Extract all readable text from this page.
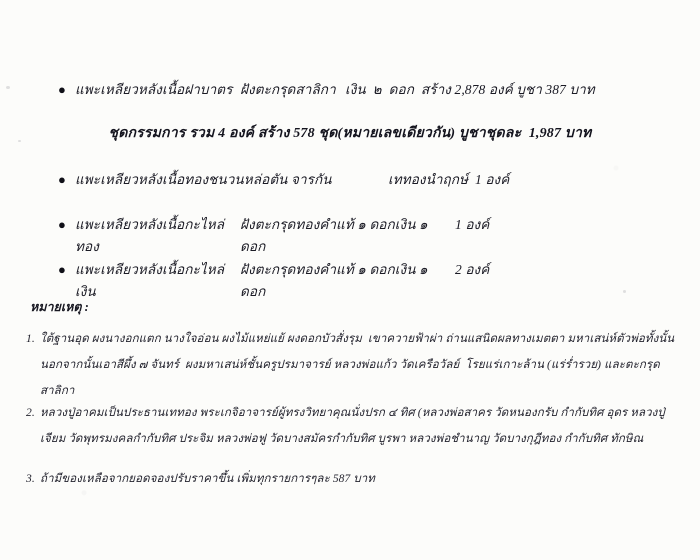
● แพะเหลียวหลังเนื้อฝาบาตร ฝังตะกรุดสาลิกา เงิน  ๒  ดอก  สร้าง 2,878 องค์ บูชา 387 บาท
ชุดกรรมการ รวม 4 องค์ สร้าง 578 ชุด(หมายเลขเดียวกัน) บูชาชุดละ  1,987 บาท
● แพะเหลียวหลังเนื้อทองชนวนหล่อตัน จารกัน	เททองนำฤกษ์  1 องค์
● แพะเหลียวหลังเนื้อกะไหล่ทอง
ฝังตะกรุดทองคำแท้ ๑ ดอกเงิน ๑ ดอก
1 องค์
● แพะเหลียวหลังเนื้อกะไหล่เงิน
ฝังตะกรุดทองคำแท้ ๑ ดอกเงิน ๑ ดอก
2 องค์
หมายเหตุ :
1. ใต้ฐานอุด ผงนางอกแตก นางใจอ่อน ผงไม้แหย่แย้ ผงดอกบัวสั่งรุม  เขาควายฟ้าผ่า ถ่านแสนิดผลทางเมตตา มหาเสน่ห์ตัวพ่อทั้งนั้น นอกจากนั้นเอาสีผึ้ง ๗ จันทร์  ผงมหาเสน่ห์ชั้นครูปรมาจารย์ หลวงพ่อแก้ว วัดเครือวัลย์  โรยแร่เกาะล้าน (แร่ร่ำรวย) และตะกรุดสาลิกา
2. หลวงปู่อาคมเป็นประธานเททอง พระเกจิอาจารย์ผู้ทรงวิทยาคุณนั่งปรก ๔ ทิศ (หลวงพ่อสาคร วัดหนองกรับ กำกับทิศ อุดร หลวงปู่เจียม วัดพุทรมงคลกำกับทิศ ประจิม หลวงพ่อฟู วัดบางสมัครกำกับทิศ บูรพา หลวงพ่อชำนาญ วัดบางกุฎีทอง กำกับทิศ ทักษิณ
3. ถ้ามีของเหลือจากยอดจองปรับราคาขึ้น เพิ่มทุกรายการๆละ 587 บาท
